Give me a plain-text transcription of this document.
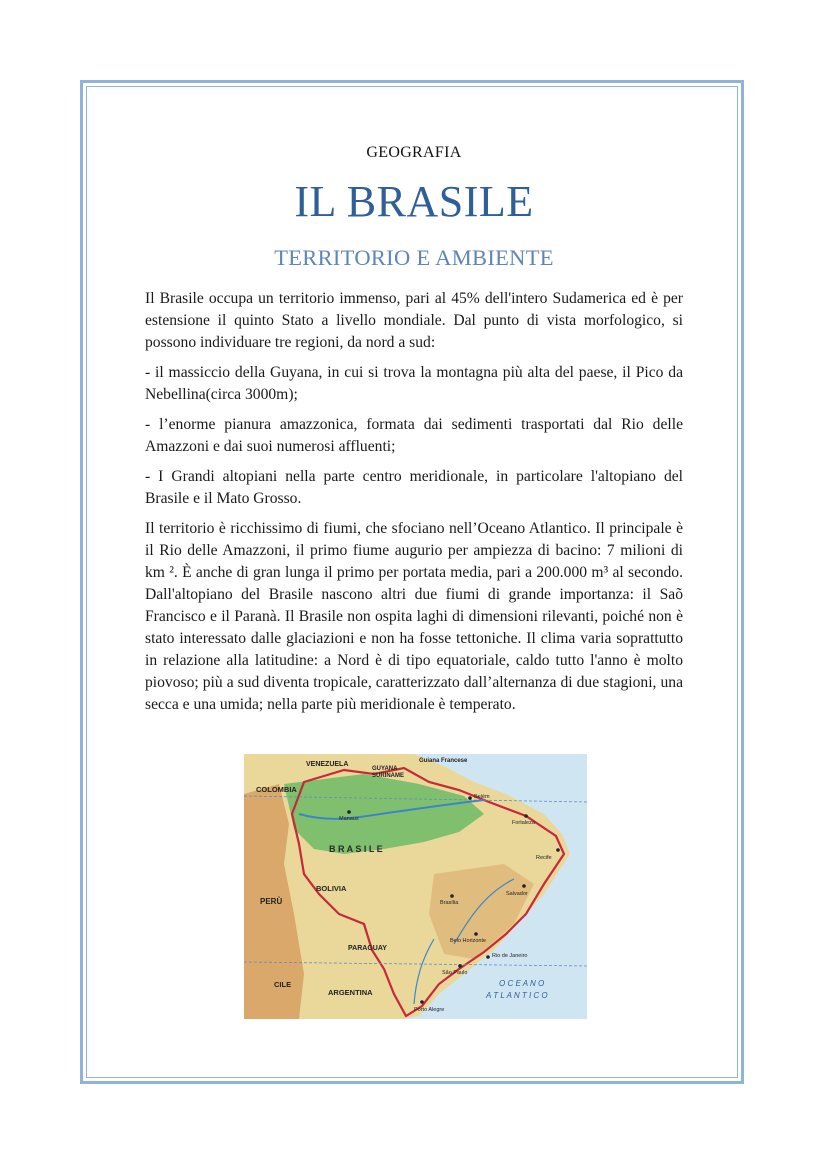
GEOGRAFIA
IL BRASILE
TERRITORIO E AMBIENTE

Il Brasile occupa un territorio immenso, pari al 45% dell'intero Sudamerica ed è per estensione il quinto Stato a livello mondiale. Dal punto di vista morfologico, si possono individuare tre regioni, da nord a sud:

- il massiccio della Guyana, in cui si trova la montagna più alta del paese, il Pico da Nebellina(circa 3000m);

- l’enorme pianura amazzonica, formata dai sedimenti trasportati dal Rio delle Amazzoni e dai suoi numerosi affluenti;

- I Grandi altopiani nella parte centro meridionale, in particolare l'altopiano del Brasile e il Mato Grosso.

Il territorio è ricchissimo di fiumi, che sfociano nell’Oceano Atlantico. Il principale è il Rio delle Amazzoni, il primo fiume augurio per ampiezza di bacino: 7 milioni di km ². È anche di gran lunga il primo per portata media, pari a 200.000 m³ al secondo. Dall'altopiano del Brasile nascono altri due fiumi di grande importanza: il Saõ Francisco e il Paranà. Il Brasile non ospita laghi di dimensioni rilevanti, poiché non è stato interessato dalle glaciazioni e non ha fosse tettoniche. Il clima varia soprattutto in relazione alla latitudine: a Nord è di tipo equatoriale, caldo tutto l'anno è molto piovoso; più a sud diventa tropicale, caratterizzato dall’alternanza di due stagioni, una secca e una umida; nella parte più meridionale è temperato.

VENEZUELA
COLOMBIA
GUYANA
SURINAME
Guiana Francese
PERÙ
BOLIVIA
PARAGUAY
CILE
ARGENTINA
B R A S I L E
O C E A N O
A T L A N T I C O
Manaus
Belém
Fortaleza
Recife
Salvador
Brasília
Belo Horizonte
Rio de Janeiro
São Paulo
Porto Alegre
